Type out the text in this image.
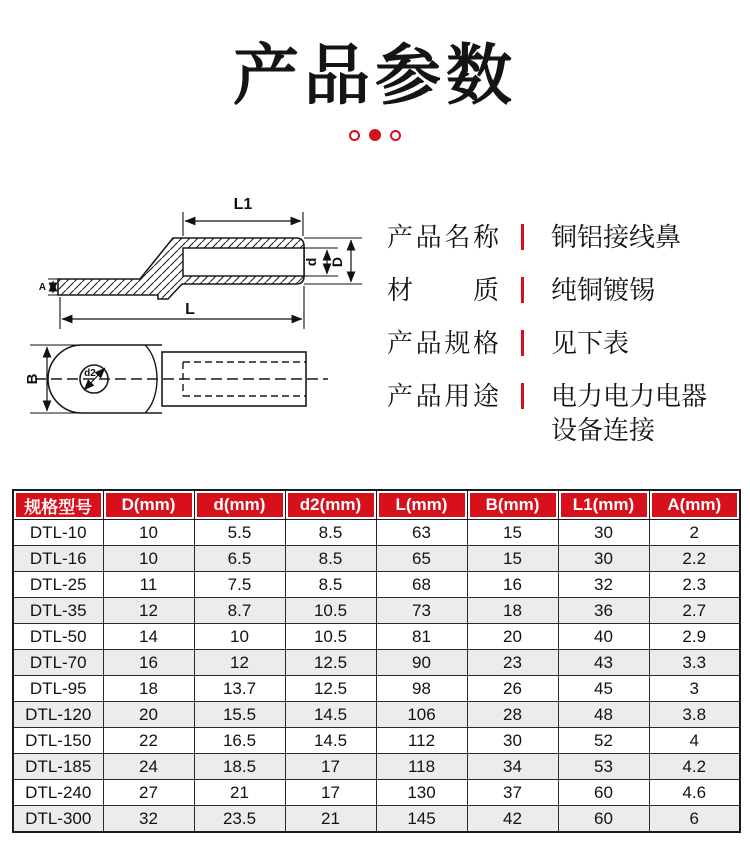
产品参数
L1
d D
A
L
d2
B
产品名称 铜铝接线鼻
材质 纯铜镀锡
产品规格 见下表
产品用途 电力电力电器设备连接
规格型号	D(mm)	d(mm)	d2(mm)	L(mm)	B(mm)	L1(mm)	A(mm)
DTL-10	10	5.5	8.5	63	15	30	2
DTL-16	10	6.5	8.5	65	15	30	2.2
DTL-25	11	7.5	8.5	68	16	32	2.3
DTL-35	12	8.7	10.5	73	18	36	2.7
DTL-50	14	10	10.5	81	20	40	2.9
DTL-70	16	12	12.5	90	23	43	3.3
DTL-95	18	13.7	12.5	98	26	45	3
DTL-120	20	15.5	14.5	106	28	48	3.8
DTL-150	22	16.5	14.5	112	30	52	4
DTL-185	24	18.5	17	118	34	53	4.2
DTL-240	27	21	17	130	37	60	4.6
DTL-300	32	23.5	21	145	42	60	6
